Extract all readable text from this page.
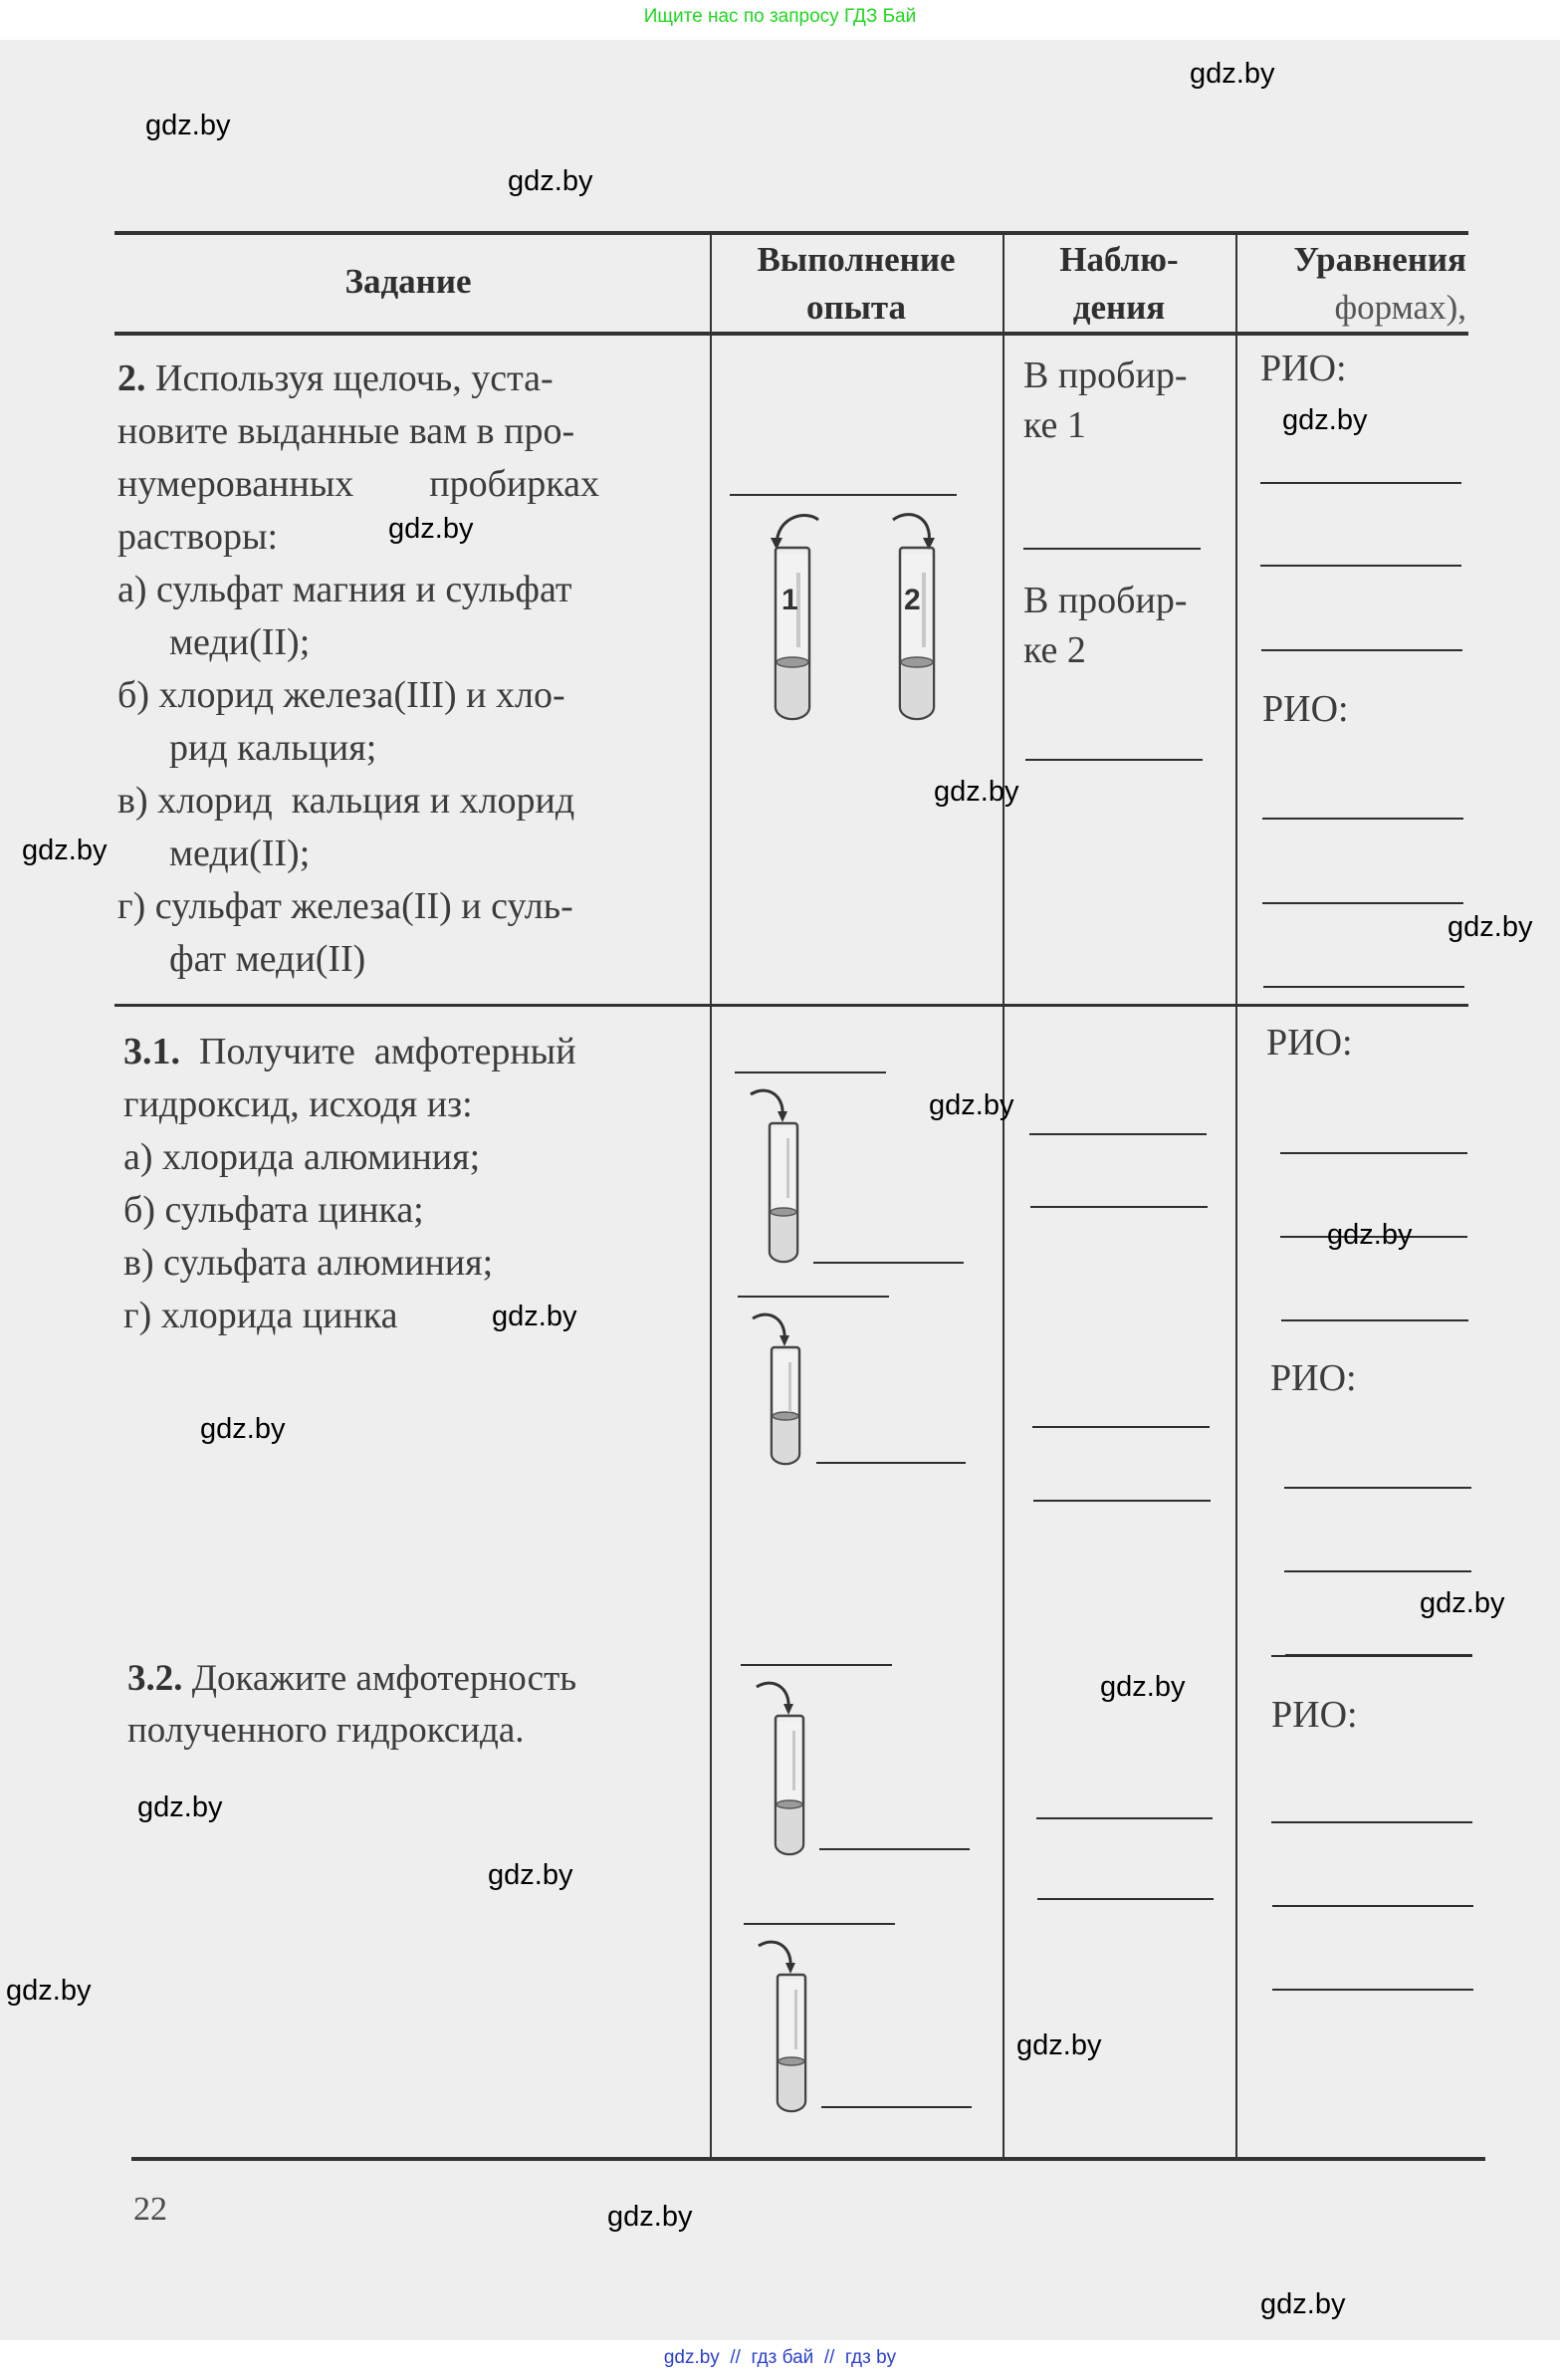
Ищите нас по запросу ГДЗ Бай
Задание
Выполнение
опыта
Наблю-
дения
Уравнения
формах),
2. Используя щелочь, уста-
новите выданные вам в про-
нумерованных        пробирках
растворы:
а) сульфат магния и сульфат
меди(II);
б) хлорид железа(III) и хло-
рид кальция;
в) хлорид  кальция и хлорид
меди(II);
г) сульфат железа(II) и суль-
фат меди(II)
1	2
В пробир-
ке 1
В пробир-
ке 2
РИО:
РИО:
3.1. Получите  амфотерный
гидроксид, исходя из:
а) хлорида алюминия;
б) сульфата цинка;
в) сульфата алюминия;
г) хлорида цинка
РИО:
РИО:
3.2. Докажите амфотерность
полученного гидроксида.	РИО:
22
gdz.by
gdz.by
gdz.by
gdz.by
gdz.by
gdz.by
gdz.by
gdz.by
gdz.by
gdz.by
gdz.by
gdz.by
gdz.by
gdz.by
gdz.by
gdz.by
gdz.by
gdz.by
gdz.by
gdz.by
gdz.by  //  гдз бай  //  гдз by
